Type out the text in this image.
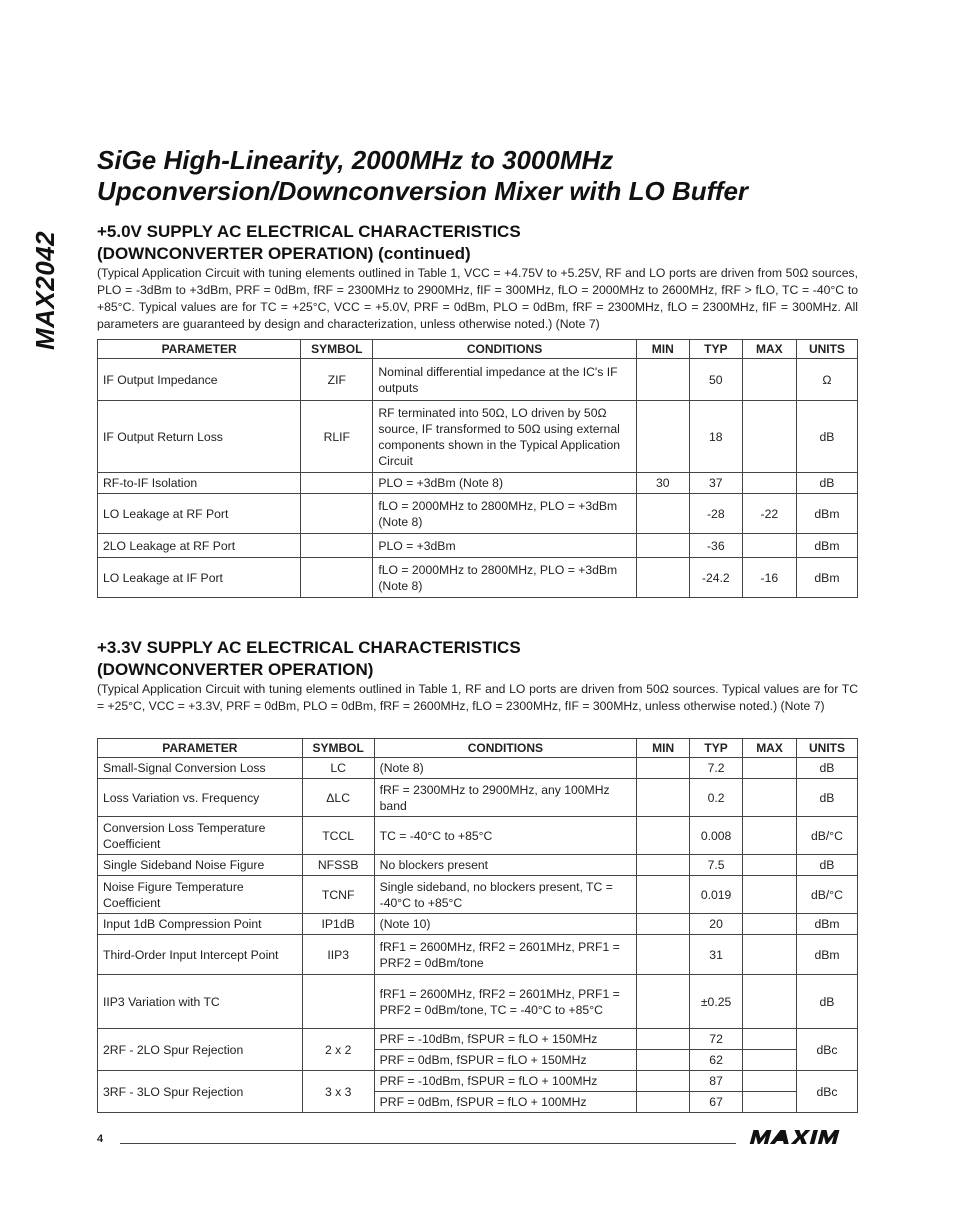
MAX2042
SiGe High-Linearity, 2000MHz to 3000MHz
Upconversion/Downconversion Mixer with LO Buffer
+5.0V SUPPLY AC ELECTRICAL CHARACTERISTICS
(DOWNCONVERTER OPERATION) (continued)
(Typical Application Circuit with tuning elements outlined in Table 1, VCC = +4.75V to +5.25V, RF and LO ports are driven from 50Ω sources, PLO = -3dBm to +3dBm, PRF = 0dBm, fRF = 2300MHz to 2900MHz, fIF = 300MHz, fLO = 2000MHz to 2600MHz, fRF > fLO, TC = -40°C to +85°C. Typical values are for TC = +25°C, VCC = +5.0V, PRF = 0dBm, PLO = 0dBm, fRF = 2300MHz, fLO = 2300MHz, fIF = 300MHz. All parameters are guaranteed by design and characterization, unless otherwise noted.) (Note 7)
PARAMETER	SYMBOL	CONDITIONS	MIN	TYP	MAX	UNITS
IF Output Impedance	ZIF	Nominal differential impedance at the IC's IF outputs		50		Ω
IF Output Return Loss	RLIF	RF terminated into 50Ω, LO driven by 50Ω source, IF transformed to 50Ω using external components shown in the Typical Application Circuit		18		dB
RF-to-IF Isolation		PLO = +3dBm (Note 8)	30	37		dB
LO Leakage at RF Port		fLO = 2000MHz to 2800MHz, PLO = +3dBm (Note 8)		-28	-22	dBm
2LO Leakage at RF Port		PLO = +3dBm		-36		dBm
LO Leakage at IF Port		fLO = 2000MHz to 2800MHz, PLO = +3dBm (Note 8)		-24.2	-16	dBm
+3.3V SUPPLY AC ELECTRICAL CHARACTERISTICS
(DOWNCONVERTER OPERATION)
(Typical Application Circuit with tuning elements outlined in Table 1, RF and LO ports are driven from 50Ω sources. Typical values are for TC = +25°C, VCC = +3.3V, PRF = 0dBm, PLO = 0dBm, fRF = 2600MHz, fLO = 2300MHz, fIF = 300MHz, unless otherwise noted.) (Note 7)
PARAMETER	SYMBOL	CONDITIONS	MIN	TYP	MAX	UNITS
Small-Signal Conversion Loss	LC	(Note 8)		7.2		dB
Loss Variation vs. Frequency	ΔLC	fRF = 2300MHz to 2900MHz, any 100MHz band		0.2		dB
Conversion Loss Temperature Coefficient	TCCL	TC = -40°C to +85°C		0.008		dB/°C
Single Sideband Noise Figure	NFSSB	No blockers present		7.5		dB
Noise Figure Temperature Coefficient	TCNF	Single sideband, no blockers present, TC = -40°C to +85°C		0.019		dB/°C
Input 1dB Compression Point	IP1dB	(Note 10)		20		dBm
Third-Order Input Intercept Point	IIP3	fRF1 = 2600MHz, fRF2 = 2601MHz, PRF1 = PRF2 = 0dBm/tone		31		dBm
IIP3 Variation with TC		fRF1 = 2600MHz, fRF2 = 2601MHz, PRF1 = PRF2 = 0dBm/tone, TC = -40°C to +85°C		±0.25		dB
2RF - 2LO Spur Rejection	2 x 2	PRF = -10dBm, fSPUR = fLO + 150MHz		72		dBc
		PRF = 0dBm, fSPUR = fLO + 150MHz		62		
3RF - 3LO Spur Rejection	3 x 3	PRF = -10dBm, fSPUR = fLO + 100MHz		87		dBc
		PRF = 0dBm, fSPUR = fLO + 100MHz		67		
4
